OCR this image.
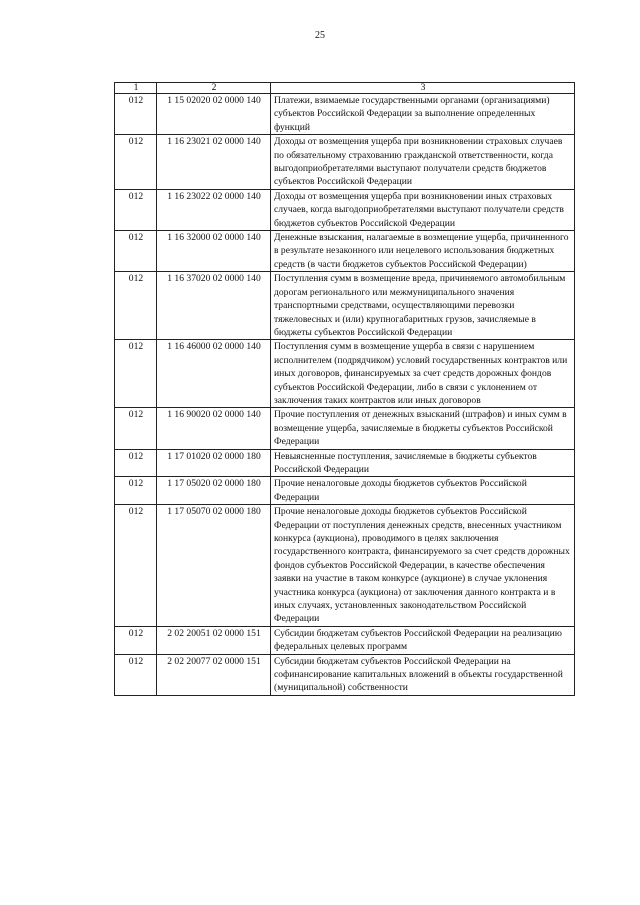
25
1	2	3
012	1 15 02020 02 0000 140	Платежи, взимаемые государственными органами (организациями) субъектов Российской Федерации за выполнение определенных функций
012	1 16 23021 02 0000 140	Доходы от возмещения ущерба при возникновении страховых случаев по обязательному страхованию гражданской ответственности, когда выгодоприобретателями выступают получатели средств бюджетов субъектов Российской Федерации
012	1 16 23022 02 0000 140	Доходы от возмещения ущерба при возникновении иных страховых случаев, когда выгодоприобретателями выступают получатели средств бюджетов субъектов Российской Федерации
012	1 16 32000 02 0000 140	Денежные взыскания, налагаемые в возмещение ущерба, причиненного в результате незаконного или нецелевого использования бюджетных средств (в части бюджетов субъектов Российской Федерации)
012	1 16 37020 02 0000 140	Поступления сумм в возмещение вреда, причиняемого автомобильным дорогам регионального или межмуниципального значения транспортными средствами, осуществляющими перевозки тяжеловесных и (или) крупногабаритных грузов, зачисляемые в бюджеты субъектов Российской Федерации
012	1 16 46000 02 0000 140	Поступления сумм в возмещение ущерба в связи с нарушением исполнителем (подрядчиком) условий государственных контрактов или иных договоров, финансируемых за счет средств дорожных фондов субъектов Российской Федерации, либо в связи с уклонением от заключения таких контрактов или иных договоров
012	1 16 90020 02 0000 140	Прочие поступления от денежных взысканий (штрафов) и иных сумм в возмещение ущерба, зачисляемые в бюджеты субъектов Российской Федерации
012	1 17 01020 02 0000 180	Невыясненные поступления, зачисляемые в бюджеты субъектов Российской Федерации
012	1 17 05020 02 0000 180	Прочие неналоговые доходы бюджетов субъектов Российской Федерации
012	1 17 05070 02 0000 180	Прочие неналоговые доходы бюджетов субъектов Российской Федерации от поступления денежных средств, внесенных участником конкурса (аукциона), проводимого в целях заключения государственного контракта, финансируемого за счет средств дорожных фондов субъектов Российской Федерации, в качестве обеспечения заявки на участие в таком конкурсе (аукционе) в случае уклонения участника конкурса (аукциона) от заключения данного контракта и в иных случаях, установленных законодательством Российской Федерации
012	2 02 20051 02 0000 151	Субсидии бюджетам субъектов Российской Федерации на реализацию федеральных целевых программ
012	2 02 20077 02 0000 151	Субсидии бюджетам субъектов Российской Федерации на софинансирование капитальных вложений в объекты государственной (муниципальной) собственности
